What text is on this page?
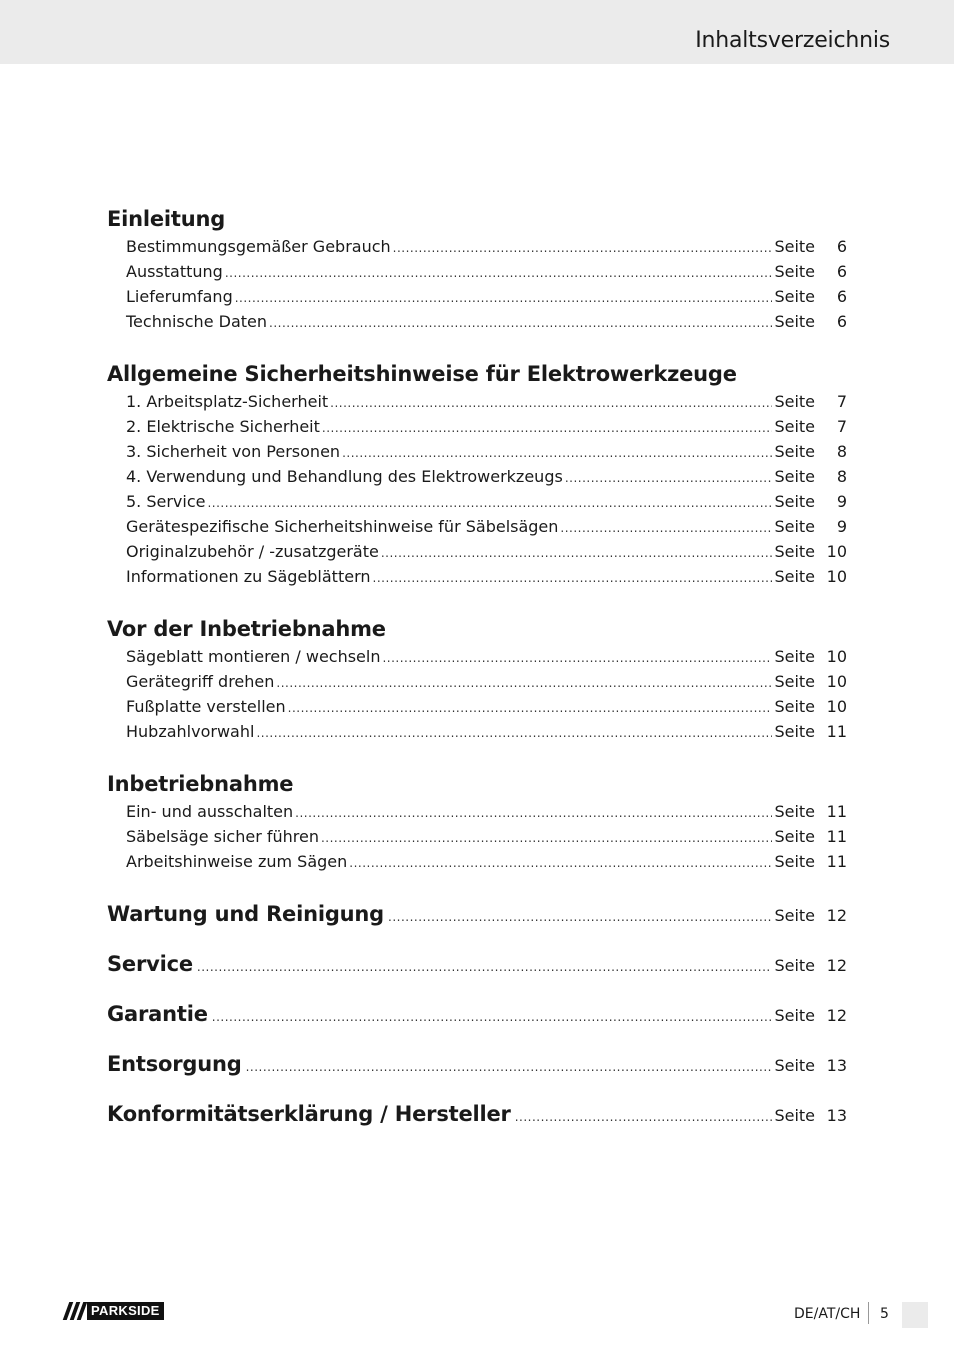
Inhaltsverzeichnis
Einleitung
Bestimmungsgemäßer Gebrauch .....	Seite	6
Ausstattung .....	Seite	6
Lieferumfang .....	Seite	6
Technische Daten .....	Seite	6
Allgemeine Sicherheitshinweise für Elektrowerkzeuge
1. Arbeitsplatz-Sicherheit .....	Seite	7
2. Elektrische Sicherheit .....	Seite	7
3. Sicherheit von Personen .....	Seite	8
4. Verwendung und Behandlung des Elektrowerkzeugs .....	Seite	8
5. Service .....	Seite	9
Gerätespezifische Sicherheitshinweise für Säbelsägen .....	Seite	9
Originalzubehör / -zusatzgeräte .....	Seite 10
Informationen zu Sägeblättern .....	Seite 10
Vor der Inbetriebnahme
Sägeblatt montieren / wechseln .....	Seite 10
Gerätegriff drehen .....	Seite 10
Fußplatte verstellen .....	Seite 10
Hubzahlvorwahl .....	Seite 11
Inbetriebnahme
Ein- und ausschalten .....	Seite 11
Säbelsäge sicher führen .....	Seite 11
Arbeitshinweise zum Sägen .....	Seite 11
Wartung und Reinigung .....	Seite 12
Service .....	Seite 12
Garantie .....	Seite 12
Entsorgung .....	Seite 13
Konformitätserklärung / Hersteller .....	Seite 13
PARKSIDE	DE/AT/CH 5
